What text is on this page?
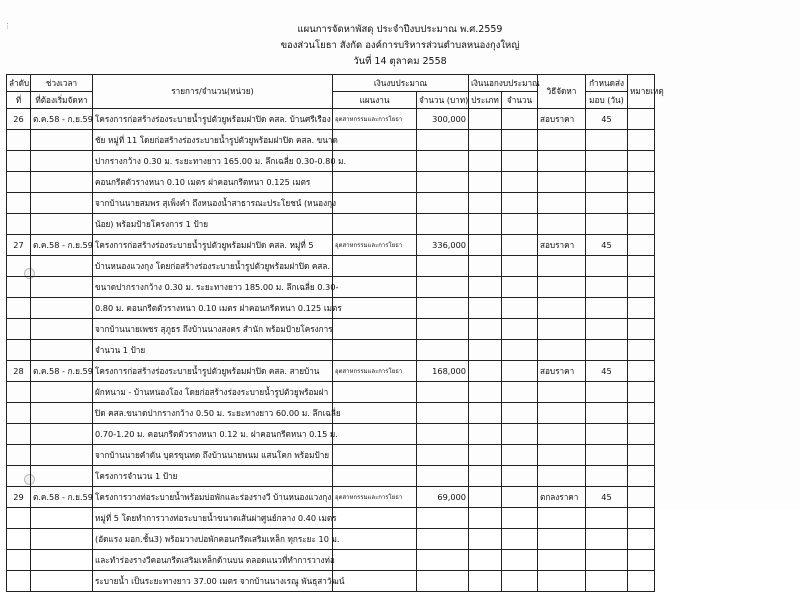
⋮	แผนการจัดหาพัสดุ ประจำปีงบประมาณ พ.ศ.2559
ของส่วนโยธา สังกัด องค์การบริหารส่วนตำบลหนองกุงใหญ่
วันที่ 14 ตุลาคม 2558
ลำดับ	ช่วงเวลา	รายการ/จำนวน(หน่วย)	เงินงบประมาณ		เงินนอกงบประมาณ		วิธีจัดหา	กำหนดส่ง	หมายเหตุ
ที่	ที่ต้องเริ่มจัดหา		แผนงาน	จำนวน (บาท)	ประเภท	จำนวน		มอบ (วัน)	
26	ต.ค.58 - ก.ย.59	โครงการก่อสร้างร่องระบายน้ำรูปตัวยูพร้อมฝาปิด คสล. บ้านศรีเรือง	อุตสาหกรรมและการโยธา	300,000			สอบราคา	45	
		ชัย หมู่ที่ 11 โดยก่อสร้างร่องระบายน้ำรูปตัวยูพร้อมฝาปิด คสล. ขนาด							
		ปากรางกว้าง 0.30 ม. ระยะทางยาว 165.00 ม. ลึกเฉลี่ย 0.30-0.80 ม.							
		คอนกรีตตัวรางหนา 0.10 เมตร ฝาคอนกรีตหนา 0.125 เมตร							
		จากบ้านนายสมพร สุเพ็งคำ ถึงหนองน้ำสาธารณะประโยชน์ (หนองกุง							
		น้อย) พร้อมป้ายโครงการ 1 ป้าย							
27	ต.ค.58 - ก.ย.59	โครงการก่อสร้างร่องระบายน้ำรูปตัวยูพร้อมฝาปิด คสล. หมู่ที่ 5	อุตสาหกรรมและการโยธา	336,000			สอบราคา	45	
		บ้านหนองแวงกุง โดยก่อสร้างร่องระบายน้ำรูปตัวยูพร้อมฝาปิด คสล.							
		ขนาดปากรางกว้าง 0.30 ม. ระยะทางยาว 185.00 ม. ลึกเฉลี่ย 0.30-							
		0.80 ม. คอนกรีตตัวรางหนา 0.10 เมตร ฝาคอนกรีตหนา 0.125 เมตร							
		จากบ้านนายเพชร สุภูธร ถึงบ้านนางสงคร สำนัก พร้อมป้ายโครงการ							
		จำนวน 1 ป้าย							
28	ต.ค.58 - ก.ย.59	โครงการก่อสร้างร่องระบายน้ำรูปตัวยูพร้อมฝาปิด คสล. สายบ้าน	อุตสาหกรรมและการโยธา	168,000			สอบราคา	45	
		ผักหนาม - บ้านหนองโอง โดยก่อสร้างร่องระบายน้ำรูปตัวยูพร้อมฝา							
		ปิด คสล.ขนาดปากรางกว้าง 0.50 ม. ระยะทางยาว 60.00 ม. ลึกเฉลี่ย							
		0.70-1.20 ม. คอนกรีตตัวรางหนา 0.12 ม. ฝาคอนกรีตหนา 0.15 ม.							
		จากบ้านนายคำดัน บุตรขุนทด ถึงบ้านนายพนม แสนโคก พร้อมป้าย							
		โครงการจำนวน 1 ป้าย							
29	ต.ค.58 - ก.ย.59	โครงการวางท่อระบายน้ำพร้อมบ่อพักและร่องรางวี บ้านหนองแวงกุง	อุตสาหกรรมและการโยธา	69,000			ตกลงราคา	45	
		หมู่ที่ 5 โดยทำการวางท่อระบายน้ำขนาดเส้นผ่าศูนย์กลาง 0.40 เมตร							
		(อัดแรง มอก.ชั้น3) พร้อมวางบ่อพักคอนกรีตเสริมเหล็ก ทุกระยะ 10 ม.							
		และทำร่องรางวีคอนกรีตเสริมเหล็กด้านบน ตลอดแนวที่ทำการวางท่อ							
		ระบายน้ำ เป็นระยะทางยาว 37.00 เมตร จากบ้านนางเรณู พันธุสาวัฒน์							
